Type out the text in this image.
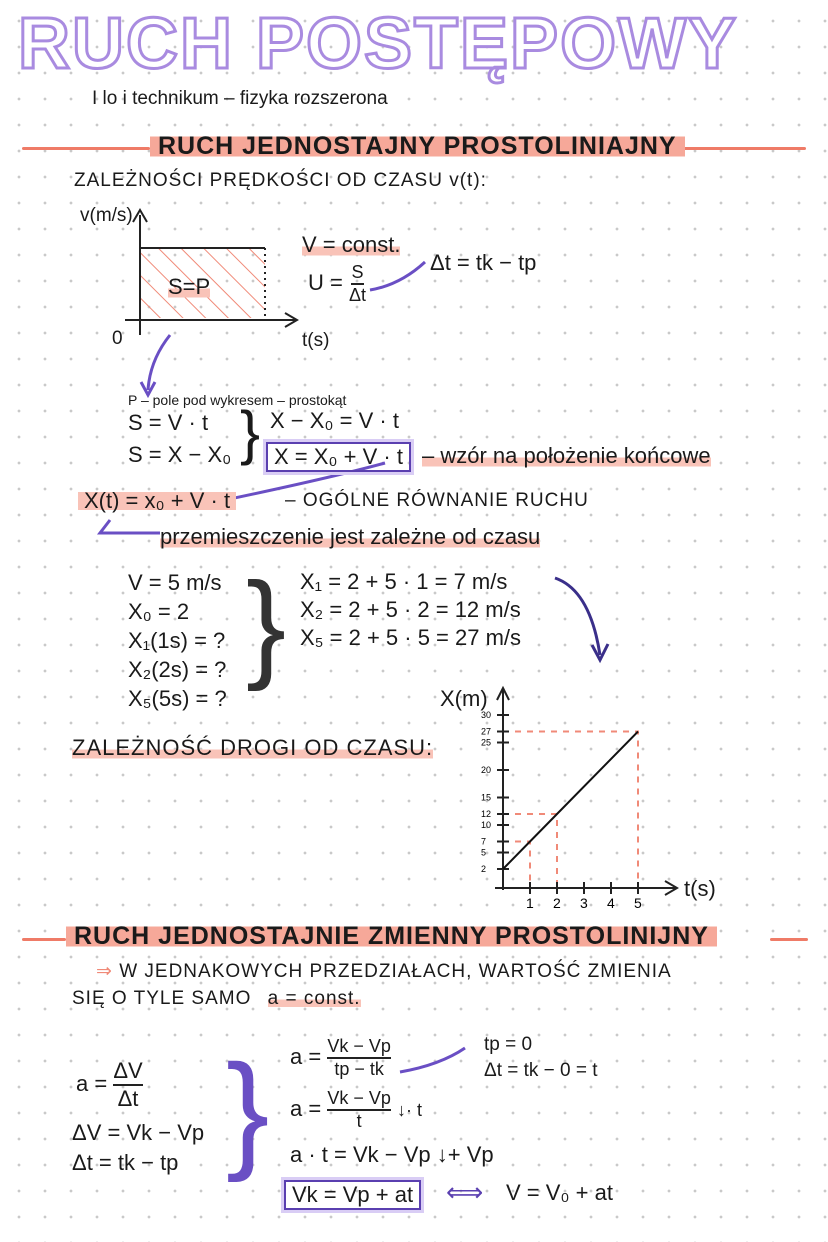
RUCH POSTĘPOWY
I lo i technikum – fizyka rozszerona
RUCH JEDNOSTAJNY PROSTOLINIAJNY
ZALEŻNOŚCI PRĘDKOŚCI OD CZASU v(t):
1 2 3 4 5
2
5
7
10
12
15
20
25
27
30
v(m/s)
0	t(s)
S=P
V = const.
$U = \frac{S}{\Delta t}$	Δt = tk − tp
P – pole pod wykresem – prostokąt
S = V · t
S = X − X₀ } X − X₀ = V · t
X = X₀ + V · t – wzór na położenie końcowe
X(t) = x₀ + V · t	– OGÓLNE RÓWNANIE RUCHU
przemieszczenie jest zależne od czasu
V = 5 m/s
X₀ = 2
X₁(1s) = ?
X₂(2s) = ?
X₅(5s) = ?
} X₁ = 2 + 5 · 1 = 7 m/s
X₂ = 2 + 5 · 2 = 12 m/s
X₅ = 2 + 5 · 5 = 27 m/s
ZALEŻNOŚĆ DROGI OD CZASU:
X(m)
t(s)
RUCH JEDNOSTAJNIE ZMIENNY PROSTOLINIJNY
⇒ W JEDNAKOWYCH PRZEDZIAŁACH, WARTOŚĆ ZMIENIA
SIĘ O TYLE SAMO a = const.
$a = \frac{\Delta V}{\Delta t}$
ΔV = Vk − Vp
Δt = tk − tp } $a = \frac{Vk - Vp}{tp - tk}$	tp = 0
Δt = tk − 0 = t
$a = \frac{Vk - Vp}{t}$ ↓· t
a · t = Vk − Vp ↓+ Vp
Vk = Vp + at	⟺ V = V₀ + at
